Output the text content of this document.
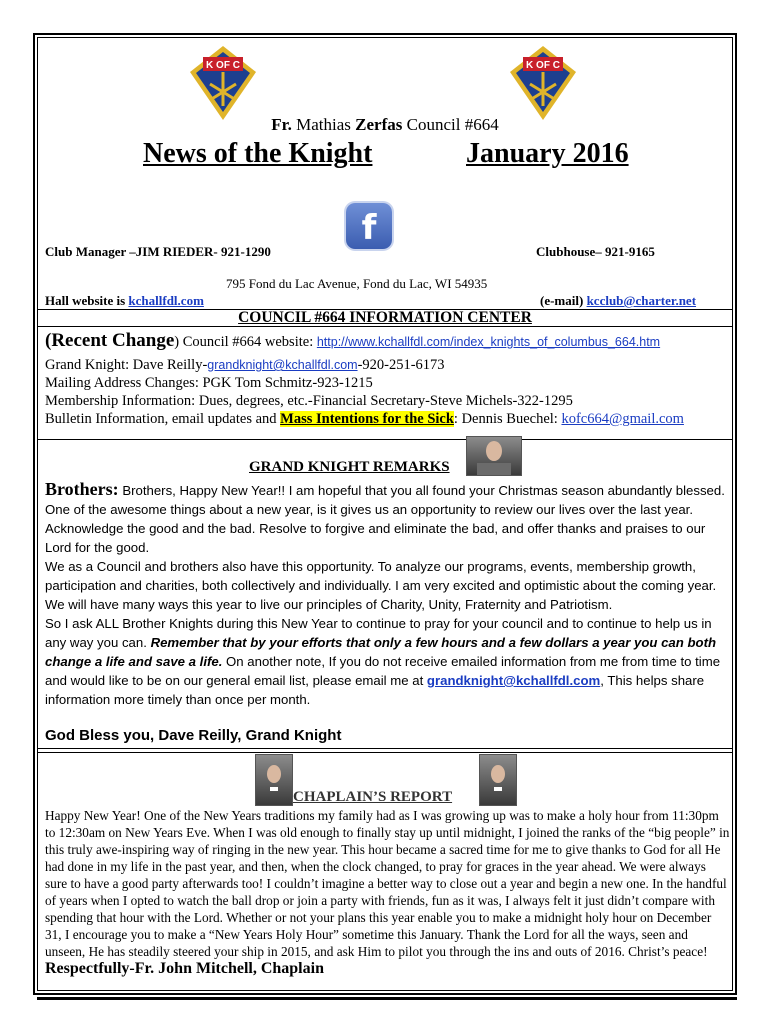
K OF C	K OF C
Fr. Mathias Zerfas Council #664
News of the Knight	January 2016
f
Club Manager –JIM RIEDER- 921-1290	Clubhouse– 921-9165
795 Fond du Lac Avenue, Fond du Lac, WI 54935
Hall website is kchallfdl.com	(e-mail) kcclub@charter.net
COUNCIL #664 INFORMATION CENTER
(Recent Change) Council #664 website: http://www.kchallfdl.com/index_knights_of_columbus_664.htm
Grand Knight: Dave Reilly-grandknight@kchallfdl.com-920-251-6173
Mailing Address Changes: PGK Tom Schmitz-923-1215
Membership Information: Dues, degrees, etc.-Financial Secretary-Steve Michels-322-1295
Bulletin Information, email updates and Mass Intentions for the Sick: Dennis Buechel: kofc664@gmail.com
GRAND KNIGHT REMARKS

Brothers: Brothers, Happy New Year!! I am hopeful that you all found your Christmas season abundantly blessed. One of the awesome things about a new year, is it gives us an opportunity to review our lives over the last year. Acknowledge the good and the bad. Resolve to forgive and eliminate the bad, and offer thanks and praises to our Lord for the good.

We as a Council and brothers also have this opportunity. To analyze our programs, events, membership growth, participation and charities, both collectively and individually. I am very excited and optimistic about the coming year. We will have many ways this year to live our principles of Charity, Unity, Fraternity and Patriotism.

So I ask ALL Brother Knights during this New Year to continue to pray for your council and to continue to help us in any way you can. Remember that by your efforts that only a few hours and a few dollars a year you can both change a life and save a life. On another note, If you do not receive emailed information from me from time to time and would like to be on our general email list, please email me at grandknight@kchallfdl.com, This helps share information more timely than once per month.

God Bless you, Dave Reilly, Grand Knight
CHAPLAIN’S REPORT
Happy New Year! One of the New Years traditions my family had as I was growing up was to make a holy hour from 11:30pm to 12:30am on New Years Eve. When I was old enough to finally stay up until midnight, I joined the ranks of the “big people” in this truly awe-inspiring way of ringing in the new year. This hour became a sacred time for me to give thanks to God for all He had done in my life in the past year, and then, when the clock changed, to pray for graces in the year ahead. We were always sure to have a good party afterwards too! I couldn’t imagine a better way to close out a year and begin a new one. In the handful of years when I opted to watch the ball drop or join a party with friends, fun as it was, I always felt it just didn’t compare with spending that hour with the Lord. Whether or not your plans this year enable you to make a midnight holy hour on December 31, I encourage you to make a “New Years Holy Hour” sometime this January. Thank the Lord for all the ways, seen and unseen, He has steadily steered your ship in 2015, and ask Him to pilot you through the ins and outs of 2016. Christ’s peace! Respectfully-Fr. John Mitchell, Chaplain
